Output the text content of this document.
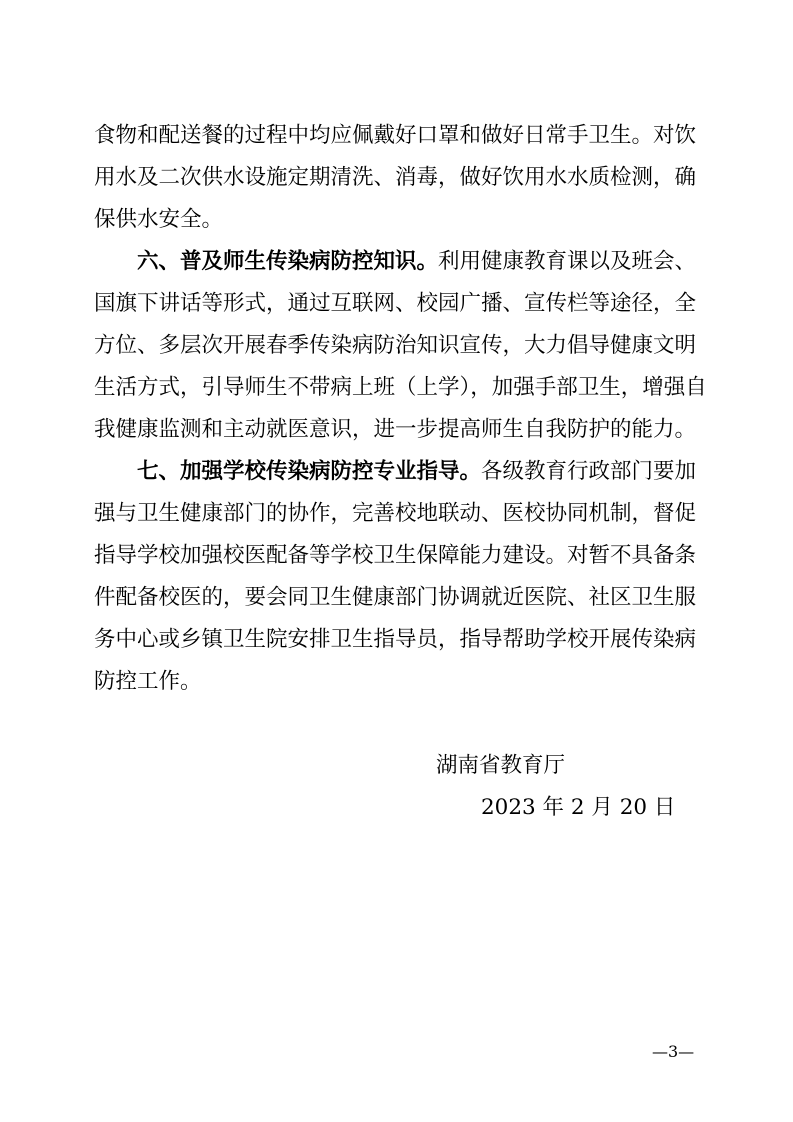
食物和配送餐的过程中均应佩戴好口罩和做好日常手卫生。对饮
用水及二次供水设施定期清洗、消毒，做好饮用水水质检测，确
保供水安全。
六、普及师生传染病防控知识。 利用健康教育课以及班会、
国旗下讲话等形式，通过互联网、校园广播、宣传栏等途径，全
方位、多层次开展春季传染病防治知识宣传，大力倡导健康文明
生活方式，引导师生不带病上班（上学），加强手部卫生，增强自
我健康监测和主动就医意识，进一步提高师生自我防护的能力。
七、加强学校传染病防控专业指导。 各级教育行政部门要加
强与卫生健康部门的协作，完善校地联动、医校协同机制，督促
指导学校加强校医配备等学校卫生保障能力建设。对暂不具备条
件配备校医的，要会同卫生健康部门协调就近医院、社区卫生服
务中心或乡镇卫生院安排卫生指导员，指导帮助学校开展传染病
防控工作。
湖南省教育厅
2023 年 2 月 20 日
—3—
